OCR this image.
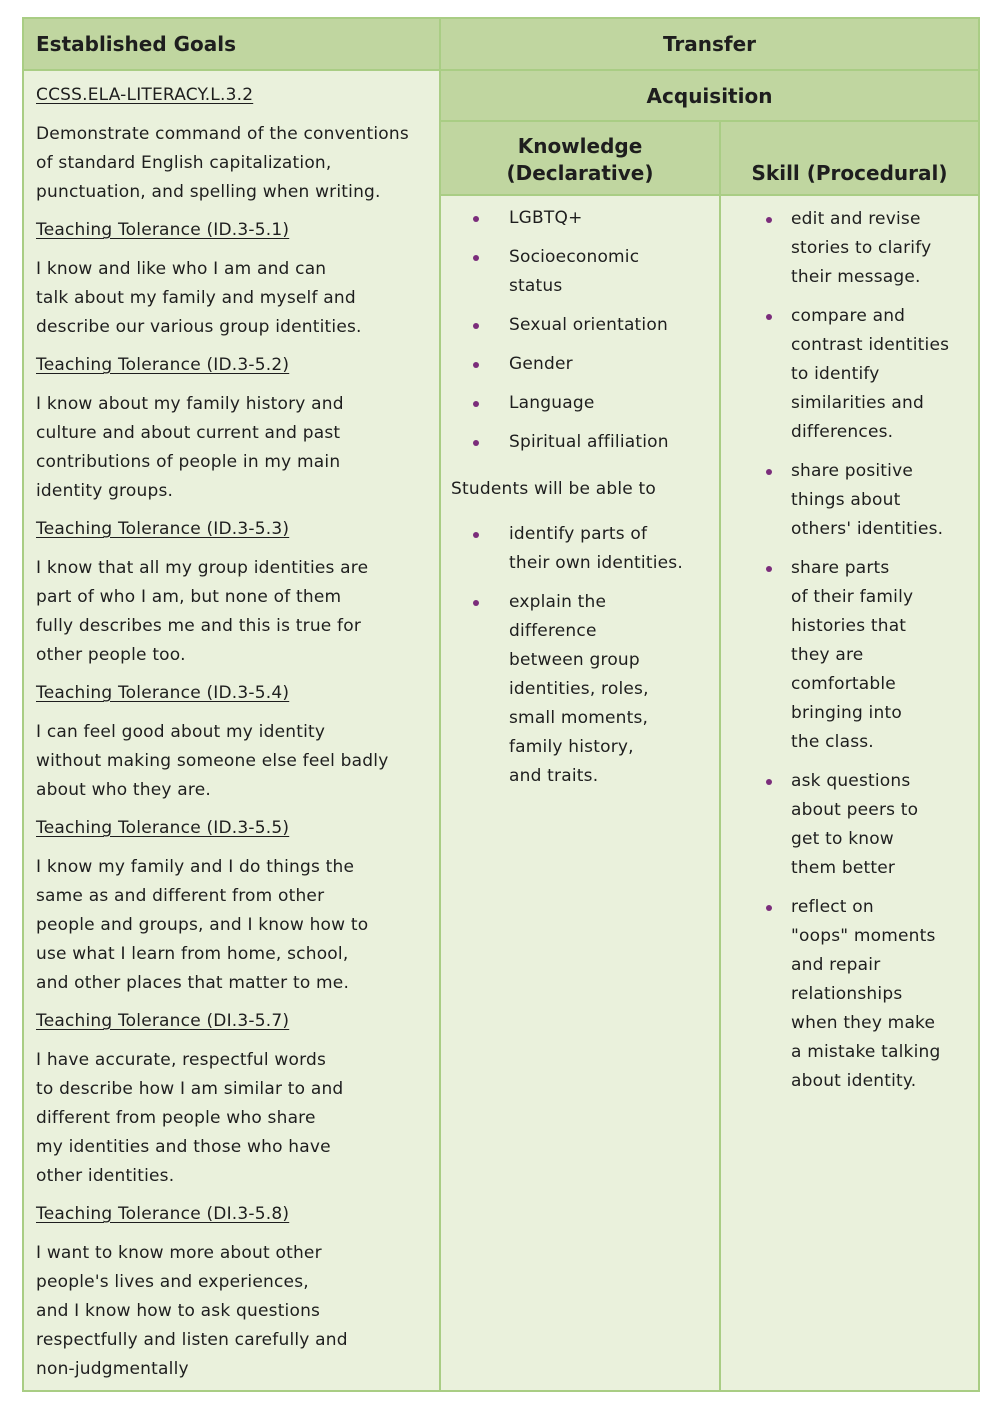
Established Goals	Transfer
Acquisition
Knowledge
(Declarative)	Skill (Procedural)
CCSS.ELA-LITERACY.L.3.2
Demonstrate command of the conventions
of standard English capitalization,
punctuation, and spelling when writing.
Teaching Tolerance (ID.3-5.1)
I know and like who I am and can
talk about my family and myself and
describe our various group identities.
Teaching Tolerance (ID.3-5.2)
I know about my family history and
culture and about current and past
contributions of people in my main
identity groups.
Teaching Tolerance (ID.3-5.3)
I know that all my group identities are
part of who I am, but none of them
fully describes me and this is true for
other people too.
Teaching Tolerance (ID.3-5.4)
I can feel good about my identity
without making someone else feel badly
about who they are.
Teaching Tolerance (ID.3-5.5)
I know my family and I do things the
same as and different from other
people and groups, and I know how to
use what I learn from home, school,
and other places that matter to me.
Teaching Tolerance (DI.3-5.7)
I have accurate, respectful words
to describe how I am similar to and
different from people who share
my identities and those who have
other identities.
Teaching Tolerance (DI.3-5.8)
I want to know more about other
people's lives and experiences,
and I know how to ask questions
respectfully and listen carefully and
non-judgmentally
LGBTQ+
Socioeconomic
status
Sexual orientation
Gender
Language
Spiritual affiliation
Students will be able to
identify parts of
their own identities.
explain the
difference
between group
identities, roles,
small moments,
family history,
and traits.
edit and revise
stories to clarify
their message.
compare and
contrast identities
to identify
similarities and
differences.
share positive
things about
others' identities.
share parts
of their family
histories that
they are
comfortable
bringing into
the class.
ask questions
about peers to
get to know
them better
reflect on
"oops" moments
and repair
relationships
when they make
a mistake talking
about identity.
